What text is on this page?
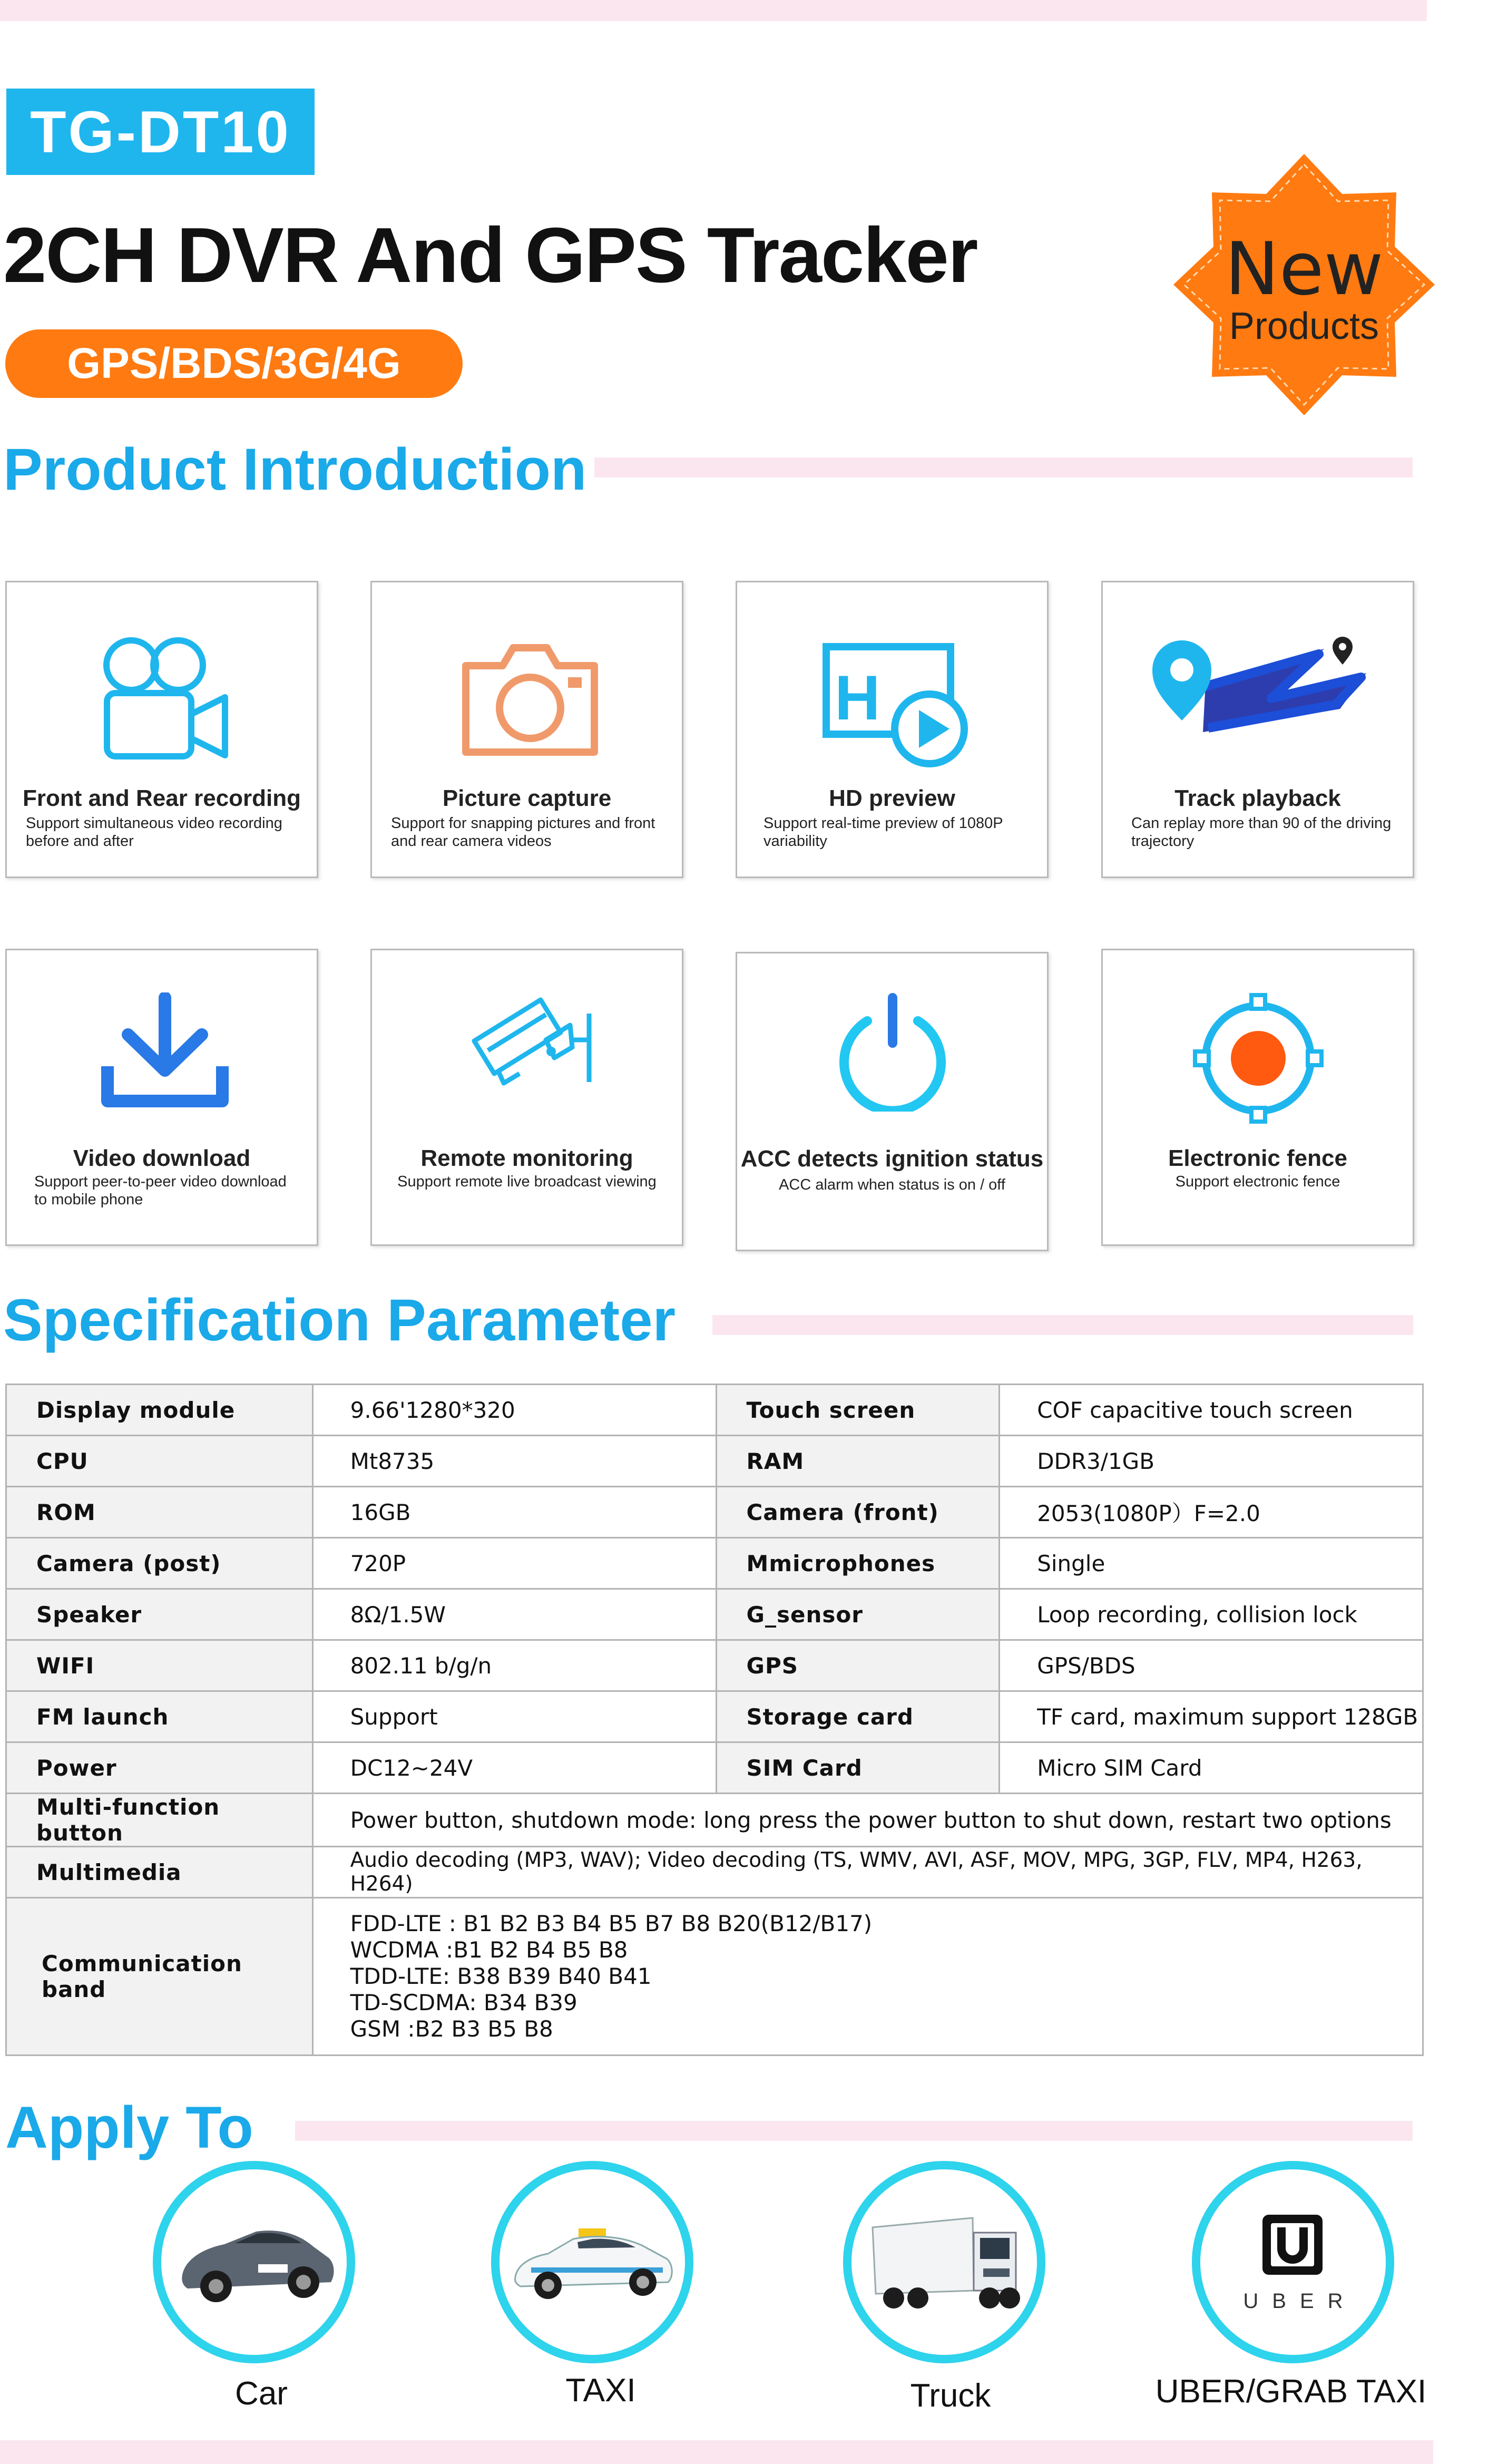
TG-DT10
2CH DVR And GPS Tracker
GPS/BDS/3G/4G
New
Products
Product Introduction
Front and Rear recording
Support simultaneous video recording before and after
Picture capture
Support for snapping pictures and front and rear camera videos
H
HD preview
Support real-time preview of 1080P variability
Track playback
Can replay more than 90 of the driving trajectory
Video download
Support peer-to-peer video download to mobile phone
Remote monitoring
Support remote live broadcast viewing
ACC detects ignition status
ACC alarm when status is on / off
Electronic fence
Support electronic fence
Specification Parameter
Display module	9.66'1280*320	Touch screen	COF capacitive touch screen
CPU	Mt8735	RAM	DDR3/1GB
ROM	16GB	Camera (front)	2053(1080P）F=2.0
Camera (post)	720P	Mmicrophones	Single
Speaker	8Ω/1.5W	G_sensor	Loop recording, collision lock
WIFI	802.11 b/g/n	GPS	GPS/BDS
FM launch	Support	Storage card	TF card, maximum support 128GB
Power	DC12~24V	SIM Card	Micro SIM Card
Multi-function button	Power button, shutdown mode: long press the power button to shut down, restart two options		
Multimedia	Audio decoding (MP3, WAV); Video decoding (TS, WMV, AVI, ASF, MOV, MPG, 3GP, FLV, MP4, H263, H264)		
Communication band	FDD-LTE : B1 B2 B3 B4 B5 B7 B8 B20(B12/B17)
WCDMA :B1 B2 B4 B5 B8
TDD-LTE: B38 B39 B40 B41
TD-SCDMA: B34 B39
GSM :B2 B3 B5 B8		
Apply To
UBER
Car	TAXI	Truck	UBER/GRAB TAXI
